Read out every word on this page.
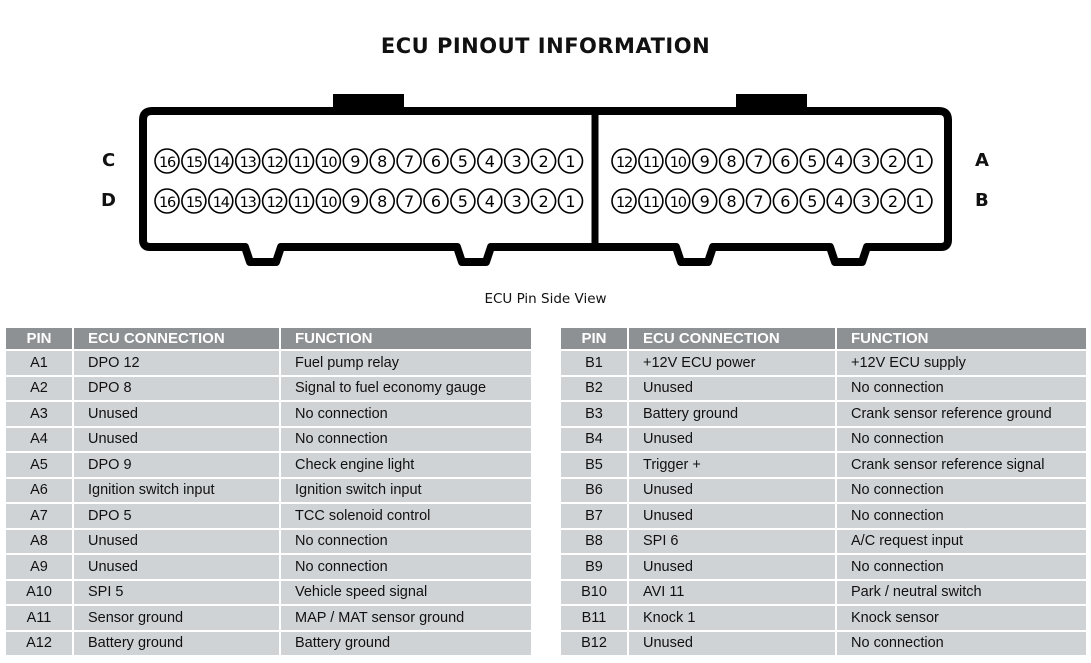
ECU PINOUT INFORMATION
C
D
A
B
16 15 14 13 12 11 10 9 8 7 6 5 4 3 2 1
16 15 14 13 12 11 10 9 8 7 6 5 4 3 2 1
12 11 10 9 8 7 6 5 4 3 2 1
12 11 10 9 8 7 6 5 4 3 2 1
ECU Pin Side View
PIN	ECU CONNECTION	FUNCTION
A1	DPO 12	Fuel pump relay
A2	DPO 8	Signal to fuel economy gauge
A3	Unused	No connection
A4	Unused	No connection
A5	DPO 9	Check engine light
A6	Ignition switch input	Ignition switch input
A7	DPO 5	TCC solenoid control
A8	Unused	No connection
A9	Unused	No connection
A10	SPI 5	Vehicle speed signal
A11	Sensor ground	MAP / MAT sensor ground
A12	Battery ground	Battery ground
PIN	ECU CONNECTION	FUNCTION
B1	+12V ECU power	+12V ECU supply
B2	Unused	No connection
B3	Battery ground	Crank sensor reference ground
B4	Unused	No connection
B5	Trigger +	Crank sensor reference signal
B6	Unused	No connection
B7	Unused	No connection
B8	SPI 6	A/C request input
B9	Unused	No connection
B10	AVI 11	Park / neutral switch
B11	Knock 1	Knock sensor
B12	Unused	No connection
